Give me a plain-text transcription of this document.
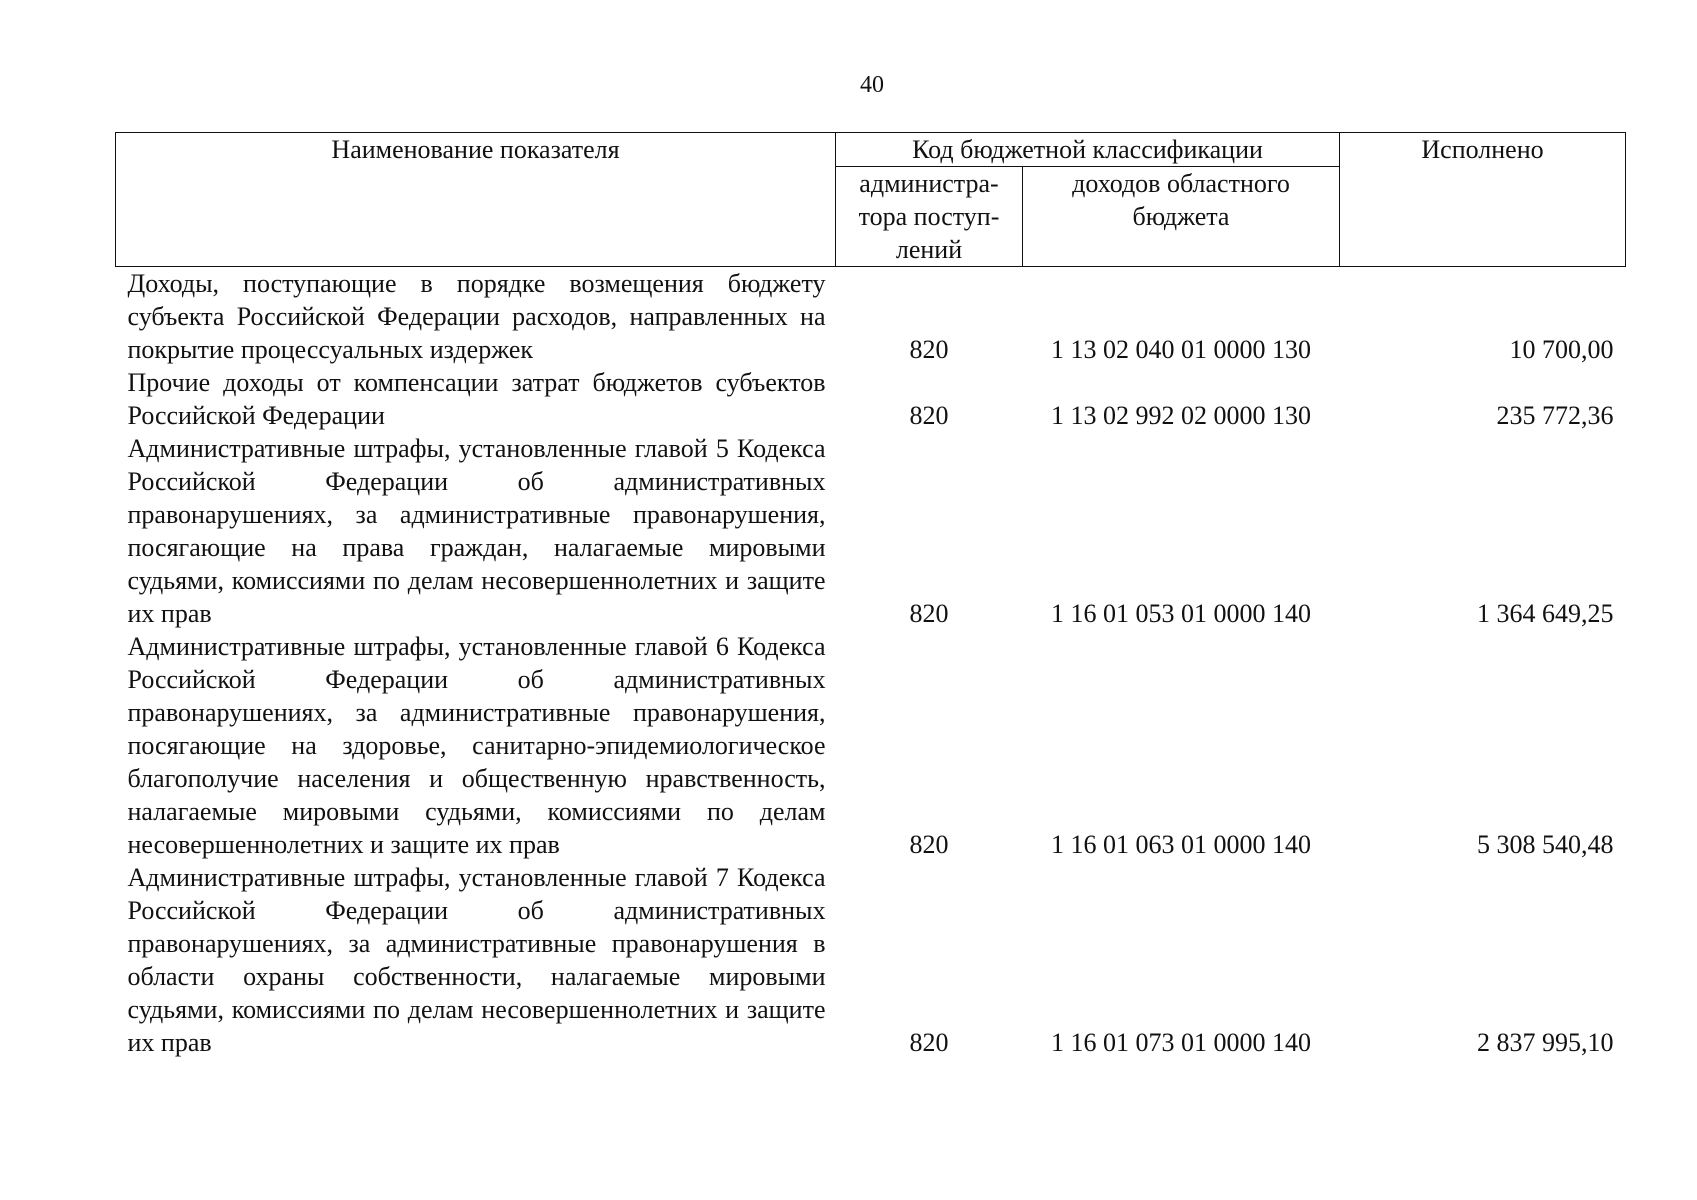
40
Наименование показателя	Код бюджетной классификации		Исполнено
	администра-тора поступ-лений	доходов областного бюджета	
Доходы, поступающие в порядке возмещения бюджету субъекта Российской Федерации расходов, направленных на покрытие процессуальных издержек	820	1 13 02 040 01 0000 130	10 700,00
Прочие доходы от компенсации затрат бюджетов субъектов Российской Федерации	820	1 13 02 992 02 0000 130	235 772,36
Административные штрафы, установленные главой 5 Кодекса Российской Федерации об административных правонарушениях, за административные правонарушения, посягающие на права граждан, налагаемые мировыми судьями, комиссиями по делам несовершеннолетних и защите их прав	820	1 16 01 053 01 0000 140	1 364 649,25
Административные штрафы, установленные главой 6 Кодекса Российской Федерации об административных правонарушениях, за административные правонарушения, посягающие на здоровье, санитарно-эпидемиологическое благополучие населения и общественную нравственность, налагаемые мировыми судьями, комиссиями по делам несовершеннолетних и защите их прав	820	1 16 01 063 01 0000 140	5 308 540,48
Административные штрафы, установленные главой 7 Кодекса Российской Федерации об административных правонарушениях, за административные правонарушения в области охраны собственности, налагаемые мировыми судьями, комиссиями по делам несовершеннолетних и защите их прав	820	1 16 01 073 01 0000 140	2 837 995,10
